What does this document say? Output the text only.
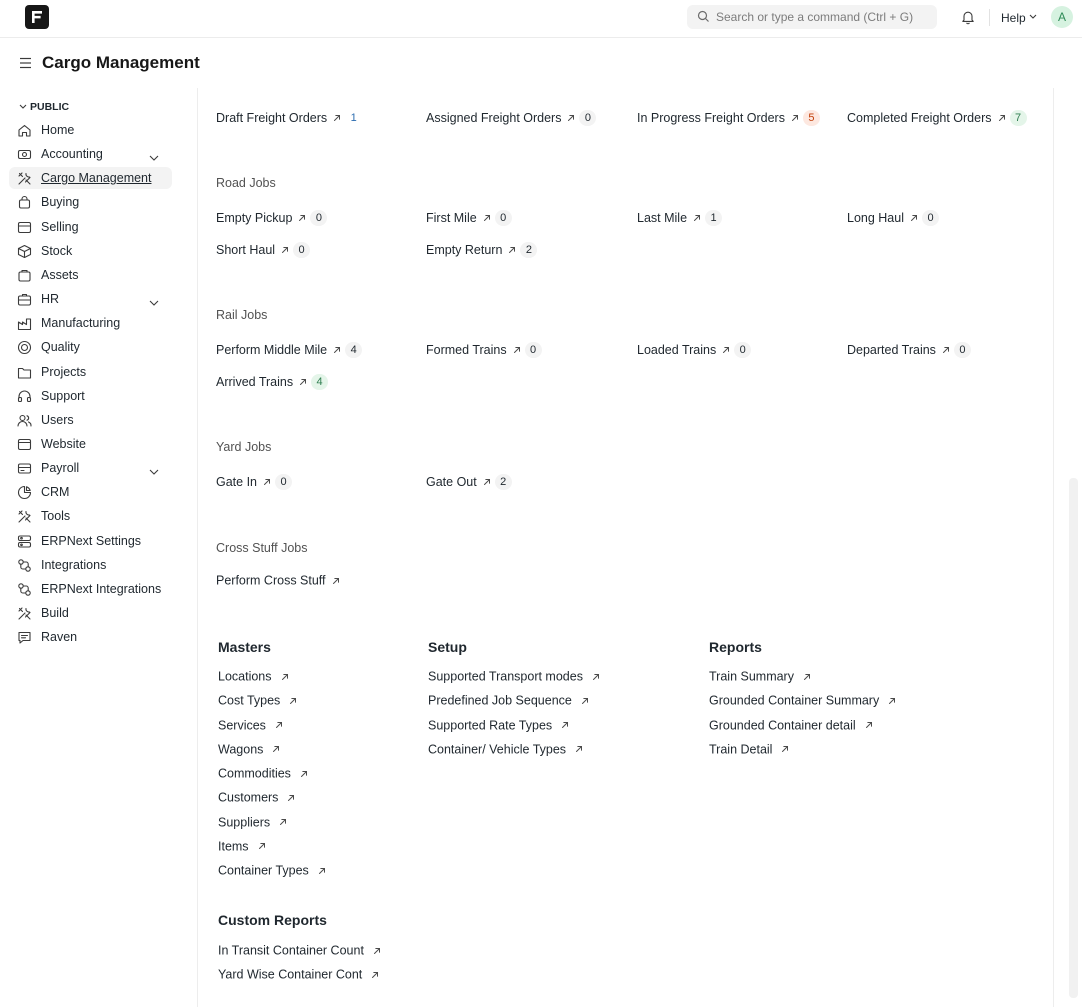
Search or type a command (Ctrl + G)
Help	A
Cargo Management
PUBLIC
Home
Accounting
Cargo Management
Buying
Selling
Stock
Assets
HR
Manufacturing
Quality
Projects
Support
Users
Website
Payroll
CRM
Tools
ERPNext Settings
Integrations
ERPNext Integrations
Build
Raven
Draft Freight Orders 1	Assigned Freight Orders 0	In Progress Freight Orders 5	Completed Freight Orders 7
Road Jobs
Empty Pickup 0	First Mile 0	Last Mile 1	Long Haul 0
Short Haul 0	Empty Return 2
Rail Jobs
Perform Middle Mile 4	Formed Trains 0	Loaded Trains 0	Departed Trains 0
Arrived Trains 4
Yard Jobs
Gate In 0	Gate Out 2
Cross Stuff Jobs
Perform Cross Stuff
Masters
Locations
Cost Types
Services
Wagons
Commodities
Customers
Suppliers
Items
Container Types
Setup
Supported Transport modes
Predefined Job Sequence
Supported Rate Types
Container/ Vehicle Types
Reports
Train Summary
Grounded Container Summary
Grounded Container detail
Train Detail
Custom Reports
In Transit Container Count
Yard Wise Container Cont
